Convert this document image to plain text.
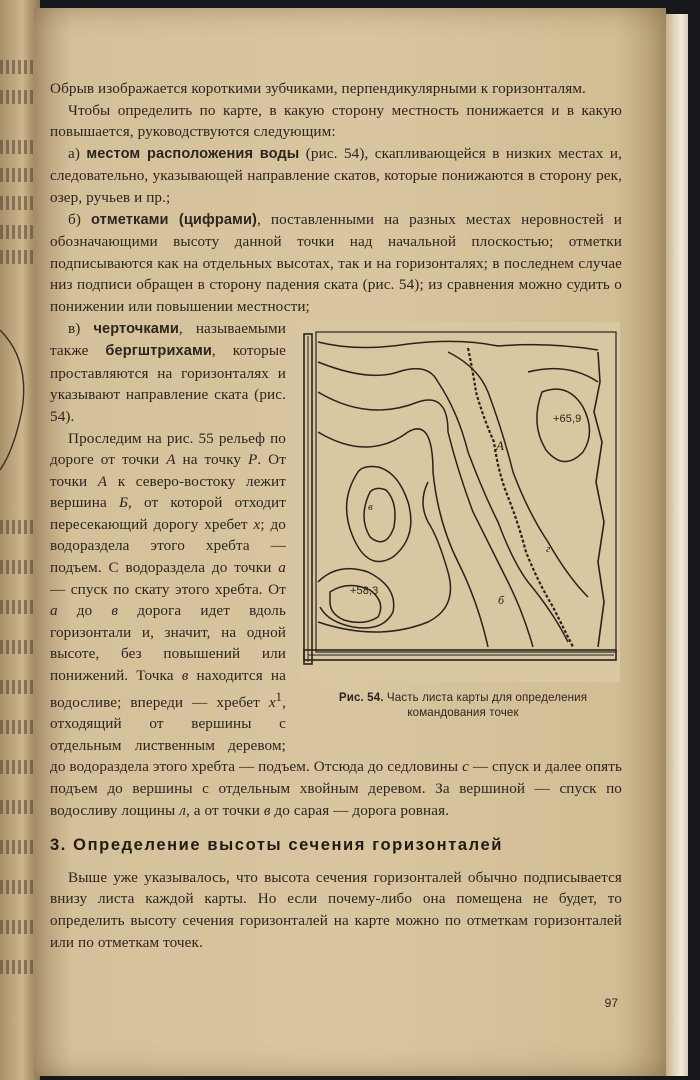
Обрыв изображается короткими зубчиками, перпендикулярными к горизонталям.

Чтобы определить по карте, в какую сторону местность понижается и в какую повышается, руководствуются следующим:

а) местом расположения воды (рис. 54), скапливающейся в низких местах и, следовательно, указывающей направление скатов, которые понижаются в сторону рек, озер, ручьев и пр.;

б) отметками (цифрами), поставленными на разных местах неровностей и обозначающими высоту данной точки над начальной плоскостью; отметки подписываются как на отдельных высотах, так и на горизонталях; в последнем случае низ подписи обращен в сторону падения ската (рис. 54); из сравнения можно судить о понижении или повышении местности;

+65,9
+58,3
А
б
в
г
Рис. 54. Часть листа карты для определения командования точек

в) черточками, называемыми также бергштрихами, которые проставляются на горизонталях и указывают направление ската (рис. 54).

Проследим на рис. 55 рельеф по дороге от точки А на точку Р. От точки А к северо-востоку лежит вершина Б, от которой отходит пересекающий дорогу хребет х; до водораздела этого хребта — подъем. С водораздела до точки а — спуск по скату этого хребта. От а до в дорога идет вдоль горизонтали и, значит, на одной высоте, без повышений или понижений. Точка в находится на водосливе; впереди — хребет $х^1$, отходящий от вершины с отдельным лиственным деревом; до водораздела этого хребта — подъем. Отсюда до седловины с — спуск и далее опять подъем до вершины с отдельным хвойным деревом. За вершиной — спуск по водосливу лощины л, а от точки в до сарая — дорога ровная.

3. Определение высоты сечения горизонталей

Выше уже указывалось, что высота сечения горизонталей обычно подписывается внизу листа каждой карты. Но если почему-либо она помещена не будет, то определить высоту сечения горизонталей на карте можно по отметкам горизонталей или по отметкам точек.

97
